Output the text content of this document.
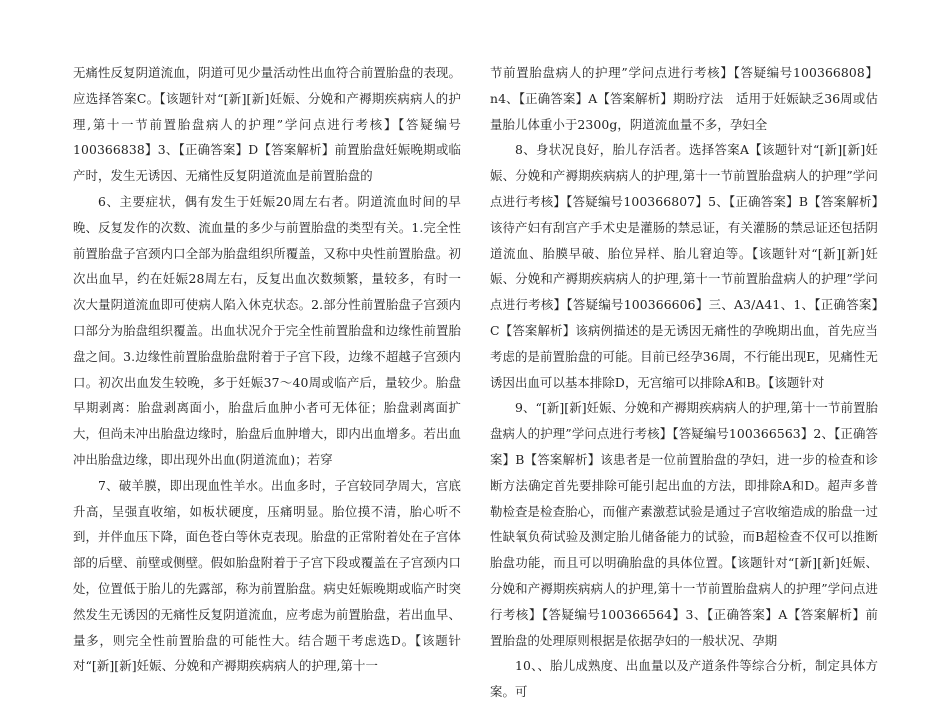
无痛性反复阴道流血，阴道可见少量活动性出血符合前置胎盘的表现。应选择答案C。【该题针对“[新][新]妊娠、分娩和产褥期疾病病人的护理,第十一节前置胎盘病人的护理”学问点进行考核】【答疑编号100366838】3、【正确答案】D【答案解析】前置胎盘妊娠晚期或临产时，发生无诱因、无痛性反复阴道流血是前置胎盘的

6、主要症状，偶有发生于妊娠20周左右者。阴道流血时间的早晚、反复发作的次数、流血量的多少与前置胎盘的类型有关。1.完全性前置胎盘子宫颈内口全部为胎盘组织所覆盖，又称中央性前置胎盘。初次出血早，约在妊娠28周左右，反复出血次数频繁，量较多，有时一次大量阴道流血即可使病人陷入休克状态。2.部分性前置胎盘子宫颈内口部分为胎盘组织覆盖。出血状况介于完全性前置胎盘和边缘性前置胎盘之间。3.边缘性前置胎盘胎盘附着于子宫下段，边缘不超越子宫颈内口。初次出血发生较晚，多于妊娠37～40周或临产后，量较少。胎盘早期剥离：胎盘剥离面小，胎盘后血肿小者可无体征；胎盘剥离面扩大，但尚未冲出胎盘边缘时，胎盘后血肿增大，即内出血增多。若出血冲出胎盘边缘，即出现外出血(阴道流血)；若穿

7、破羊膜，即出现血性羊水。出血多时，子宫较同孕周大，宫底升高，呈强直收缩，如板状硬度，压痛明显。胎位摸不清，胎心听不到，并伴血压下降，面色苍白等休克表现。胎盘的正常附着处在子宫体部的后壁、前壁或侧壁。假如胎盘附着于子宫下段或覆盖在子宫颈内口处，位置低于胎儿的先露部，称为前置胎盘。病史妊娠晚期或临产时突然发生无诱因的无痛性反复阴道流血，应考虑为前置胎盘，若出血早、量多，则完全性前置胎盘的可能性大。结合题干考虑选D。【该题针对“[新][新]妊娠、分娩和产褥期疾病病人的护理,第十一

节前置胎盘病人的护理”学问点进行考核】【答疑编号100366808】n4、【正确答案】A【答案解析】期盼疗法　适用于妊娠缺乏36周或估量胎儿体重小于2300g，阴道流血量不多，孕妇全

8、身状况良好，胎儿存活者。选择答案A【该题针对“[新][新]妊娠、分娩和产褥期疾病病人的护理,第十一节前置胎盘病人的护理”学问点进行考核】【答疑编号100366807】5、【正确答案】B【答案解析】该待产妇有刮宫产手术史是灌肠的禁忌证，有关灌肠的禁忌证还包括阴道流血、胎膜早破、胎位异样、胎儿窘迫等。【该题针对“[新][新]妊娠、分娩和产褥期疾病病人的护理,第十一节前置胎盘病人的护理”学问点进行考核】【答疑编号100366606】三、A3/A41、1、【正确答案】C【答案解析】该病例描述的是无诱因无痛性的孕晚期出血，首先应当考虑的是前置胎盘的可能。目前已经孕36周，不行能出现E，见痛性无诱因出血可以基本排除D，无宫缩可以排除A和B。【该题针对

9、“[新][新]妊娠、分娩和产褥期疾病病人的护理,第十一节前置胎盘病人的护理”学问点进行考核】【答疑编号100366563】2、【正确答案】B【答案解析】该患者是一位前置胎盘的孕妇，进一步的检查和诊断方法确定首先要排除可能引起出血的方法，即排除A和D。超声多普勒检查是检查胎心，而催产素激惹试验是通过子宫收缩造成的胎盘一过性缺氧负荷试验及测定胎儿储备能力的试验，而B超检查不仅可以推断胎盘功能，而且可以明确胎盘的具体位置。【该题针对“[新][新]妊娠、分娩和产褥期疾病病人的护理,第十一节前置胎盘病人的护理”学问点进行考核】【答疑编号100366564】3、【正确答案】A【答案解析】前置胎盘的处理原则根据是依据孕妇的一般状况、孕期

10、、胎儿成熟度、出血量以及产道条件等综合分析，制定具体方案。可
